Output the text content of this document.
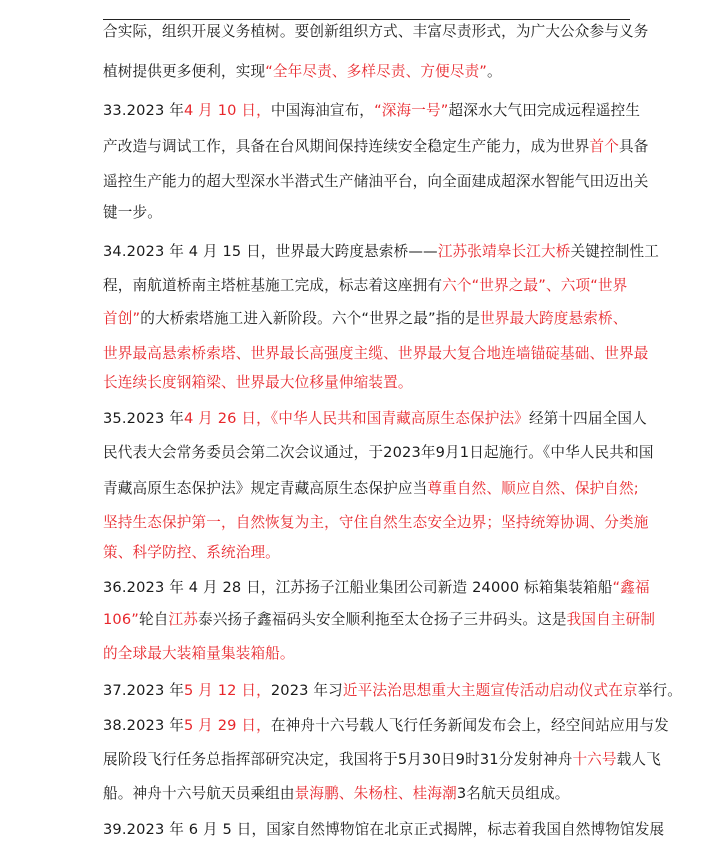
合实际，组织开展义务植树。要创新组织方式、丰富尽责形式，为广大公众参与义务
植树提供更多便利，实现“全年尽责、多样尽责、方便尽责”。
33.2023 年4 月 10 日，中国海油宣布，“深海一号”超深水大气田完成远程遥控生
产改造与调试工作，具备在台风期间保持连续安全稳定生产能力，成为世界首个具备
遥控生产能力的超大型深水半潜式生产储油平台，向全面建成超深水智能气田迈出关
键一步。
34.2023 年 4 月 15 日，世界最大跨度悬索桥——江苏张靖皋长江大桥关键控制性工
程，南航道桥南主塔桩基施工完成，标志着这座拥有六个“世界之最”、六项“世界
首创”的大桥索塔施工进入新阶段。六个“世界之最”指的是世界最大跨度悬索桥、
世界最高悬索桥索塔、世界最长高强度主缆、世界最大复合地连墙锚碇基础、世界最
长连续长度钢箱梁、世界最大位移量伸缩装置。
35.2023 年4 月 26 日，《中华人民共和国青藏高原生态保护法》经第十四届全国人
民代表大会常务委员会第二次会议通过，于2023年9月1日起施行。《中华人民共和国
青藏高原生态保护法》规定青藏高原生态保护应当尊重自然、顺应自然、保护自然;
坚持生态保护第一，自然恢复为主，守住自然生态安全边界；坚持统筹协调、分类施
策、科学防控、系统治理。
36.2023 年 4 月 28 日，江苏扬子江船业集团公司新造 24000 标箱集装箱船“鑫福
106”轮自江苏泰兴扬子鑫福码头安全顺利拖至太仓扬子三井码头。这是我国自主研制
的全球最大装箱量集装箱船。
37.2023 年5 月 12 日，2023 年习近平法治思想重大主题宣传活动启动仪式在京举行。
38.2023 年5 月 29 日，在神舟十六号载人飞行任务新闻发布会上，经空间站应用与发
展阶段飞行任务总指挥部研究决定，我国将于5月30日9时31分发射神舟十六号载人飞
船。神舟十六号航天员乘组由景海鹏、朱杨柱、桂海潮3名航天员组成。
39.2023 年 6 月 5 日，国家自然博物馆在北京正式揭牌，标志着我国自然博物馆发展
